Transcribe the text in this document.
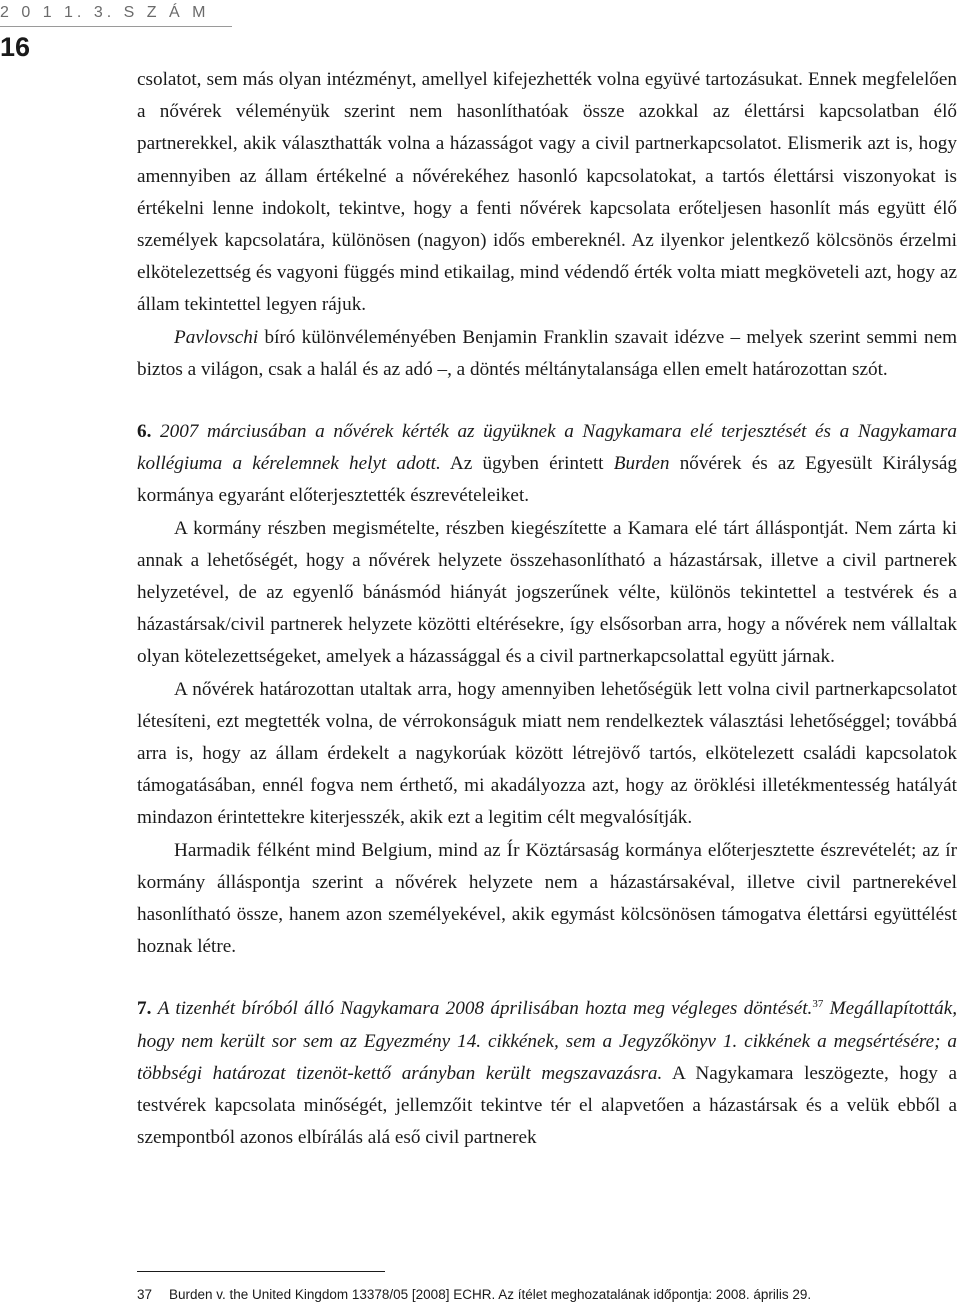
2 0 1 1. 3. S Z Á M
16

csolatot, sem más olyan intézményt, amellyel kifejezhették volna együvé tartozásukat. Ennek megfelelően a nővérek véleményük szerint nem hasonlíthatóak össze azokkal az élettársi kapcsolatban élő partnerekkel, akik választhatták volna a házasságot vagy a civil partnerkapcsolatot. Elismerik azt is, hogy amennyiben az állam értékelné a nővérekéhez hasonló kapcsolatokat, a tartós élettársi viszonyokat is értékelni lenne indokolt, tekintve, hogy a fenti nővérek kapcsolata erőteljesen hasonlít más együtt élő személyek kapcsolatára, különösen (nagyon) idős embereknél. Az ilyenkor jelentkező kölcsönös érzelmi elkötelezettség és vagyoni függés mind etikailag, mind védendő érték volta miatt megköveteli azt, hogy az állam tekintettel legyen rájuk.

Pavlovschi bíró különvéleményében Benjamin Franklin szavait idézve – melyek szerint semmi nem biztos a világon, csak a halál és az adó –, a döntés méltánytalansága ellen emelt határozottan szót.

6. 2007 márciusában a nővérek kérték az ügyüknek a Nagykamara elé terjesztését és a Nagykamara kollégiuma a kérelemnek helyt adott. Az ügyben érintett Burden nővérek és az Egyesült Királyság kormánya egyaránt előterjesztették észrevételeiket.

A kormány részben megismételte, részben kiegészítette a Kamara elé tárt álláspontját. Nem zárta ki annak a lehetőségét, hogy a nővérek helyzete összehasonlítható a házastársak, illetve a civil partnerek helyzetével, de az egyenlő bánásmód hiányát jogszerűnek vélte, különös tekintettel a testvérek és a házastársak/civil partnerek helyzete közötti eltérésekre, így elsősorban arra, hogy a nővérek nem vállaltak olyan kötelezettségeket, amelyek a házassággal és a civil partnerkapcsolattal együtt járnak.

A nővérek határozottan utaltak arra, hogy amennyiben lehetőségük lett volna civil partnerkapcsolatot létesíteni, ezt megtették volna, de vérrokonságuk miatt nem rendelkeztek választási lehetőséggel; továbbá arra is, hogy az állam érdekelt a nagykorúak között létrejövő tartós, elkötelezett családi kapcsolatok támogatásában, ennél fogva nem érthető, mi akadályozza azt, hogy az öröklési illetékmentesség hatályát mindazon érintettekre kiterjesszék, akik ezt a legitim célt megvalósítják.

Harmadik félként mind Belgium, mind az Ír Köztársaság kormánya előterjesztette észrevételét; az ír kormány álláspontja szerint a nővérek helyzete nem a házastársakéval, illetve civil partnerekével hasonlítható össze, hanem azon személyekével, akik egymást kölcsönösen támogatva élettársi együttélést hoznak létre.

7. A tizenhét bíróból álló Nagykamara 2008 áprilisában hozta meg végleges döntését.$^{37}$ Megállapították, hogy nem került sor sem az Egyezmény 14. cikkének, sem a Jegyzőkönyv 1. cikkének a megsértésére; a többségi határozat tizenöt-kettő arányban került megszavazásra. A Nagykamara leszögezte, hogy a testvérek kapcsolata minőségét, jellemzőit tekintve tér el alapvetően a házastársak és a velük ebből a szempontból azonos elbírálás alá eső civil partnerek

37 Burden v. the United Kingdom 13378/05 [2008] ECHR. Az ítélet meghozatalának időpontja: 2008. április 29.
